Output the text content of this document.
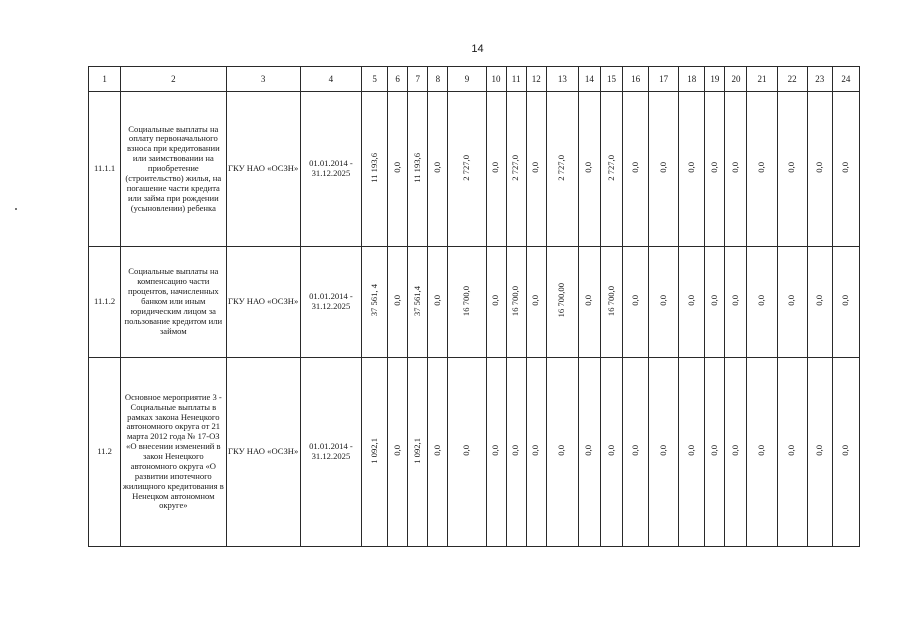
14
1	2	3	4	5	6	7	8	9	10	11	12	13	14	15	16	17	18	19	20	21	22	23	24
11.1.1	Социальные выплаты на оплату первоначального взноса при кредитовании или заимствовании на приобретение (строительство) жилья, на погашение части кредита или займа при рождении (усыновлении) ребенка	ГКУ НАО «ОСЗН»	01.01.2014 - 31.12.2025	11 193,6	0,0	11 193,6	0,0	2 727,0	0,0	2 727,0	0,0	2 727,0	0,0	2 727,0	0,0	0,0	0,0	0,0	0,0	0,0	0,0	0,0	0,0
11.1.2	Социальные выплаты на компенсацию части процентов, начисленных банком или иным юридическим лицом за пользование кредитом или займом	ГКУ НАО «ОСЗН»	01.01.2014 - 31.12.2025	37 561, 4	0,0	37 561,4	0,0	16 700,0	0,0	16 700,0	0,0	16 700,00	0,0	16 700,0	0,0	0,0	0,0	0,0	0,0	0,0	0,0	0,0	0,0
11.2	Основное мероприятие 3 - Социальные выплаты в рамках закона Ненецкого автономного округа от 21 марта 2012 года № 17-ОЗ «О внесении изменений в закон Ненецкого автономного округа «О развитии ипотечного жилищного кредитования в Ненецком автономном округе»	ГКУ НАО «ОСЗН»	01.01.2014 - 31.12.2025	1 092,1	0,0	1 092,1	0,0	0,0	0,0	0,0	0,0	0,0	0,0	0,0	0,0	0,0	0,0	0,0	0,0	0,0	0,0	0,0	0,0
